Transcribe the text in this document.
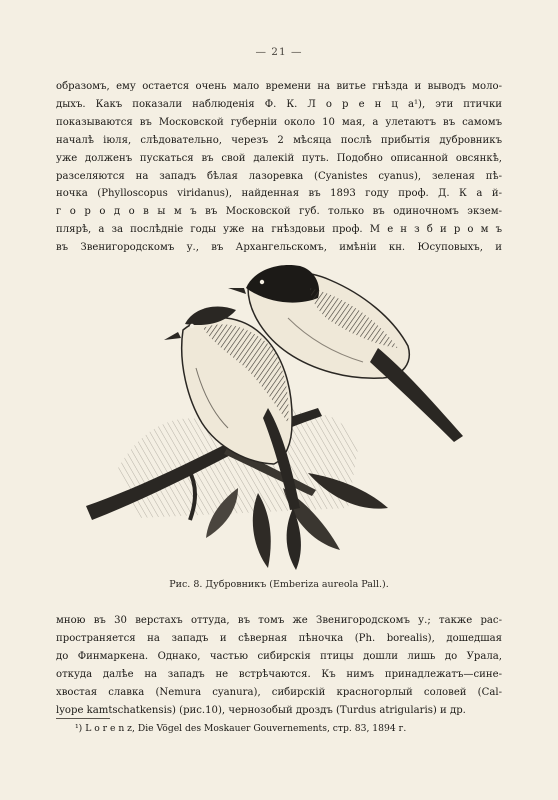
— 21 —
образомъ, ему остается очень мало времени на витье гнѣзда и выводъ моло-
дыхъ. Какъ показали наблюденія Ф. К. Л о р е н ц а¹), эти птички
показываются въ Московской губерніи около 10 мая, а улетаютъ въ самомъ
началѣ іюля, слѣдовательно, черезъ 2 мѣсяца послѣ прибытія дубровникъ
уже долженъ пускаться въ свой далекій путь. Подобно описанной овсянкѣ,
разселяются на западъ бѣлая лазоревка (Cyanistes cyanus), зеленая пѣ-
ночка (Phylloscopus viridanus), найденная въ 1893 году проф. Д. К а й-
г о р о д о в ы м ъ въ Московской губ. только въ одиночномъ экзем-
плярѣ, а за послѣдніе годы уже на гнѣздовьи проф. М е н з б и р о м ъ
въ Звенигородскомъ у., въ Архангельскомъ, имѣніи кн. Юсуповыхъ, и
Рис. 8. Дубровникъ (Emberiza aureola Pall.).
мною въ 30 верстахъ оттуда, въ томъ же Звенигородскомъ у.; также рас-
пространяется на западъ и сѣверная пѣночка (Ph. borealis), дошедшая
до Финмаркена. Однако, частью сибирскія птицы дошли лишь до Урала,
откуда далѣе на западъ не встрѣчаются. Къ нимъ принадлежатъ—сине-
хвостая славка (Nemura cyanura), сибирскій красногорлый соловей (Cal-
lyope kamtschatkensis) (рис.10), чернозобый дроздъ (Turdus atrigularis) и др.
¹) L o r e n z, Die Vögel des Moskauer Gouvernements, стр. 83, 1894 г.
